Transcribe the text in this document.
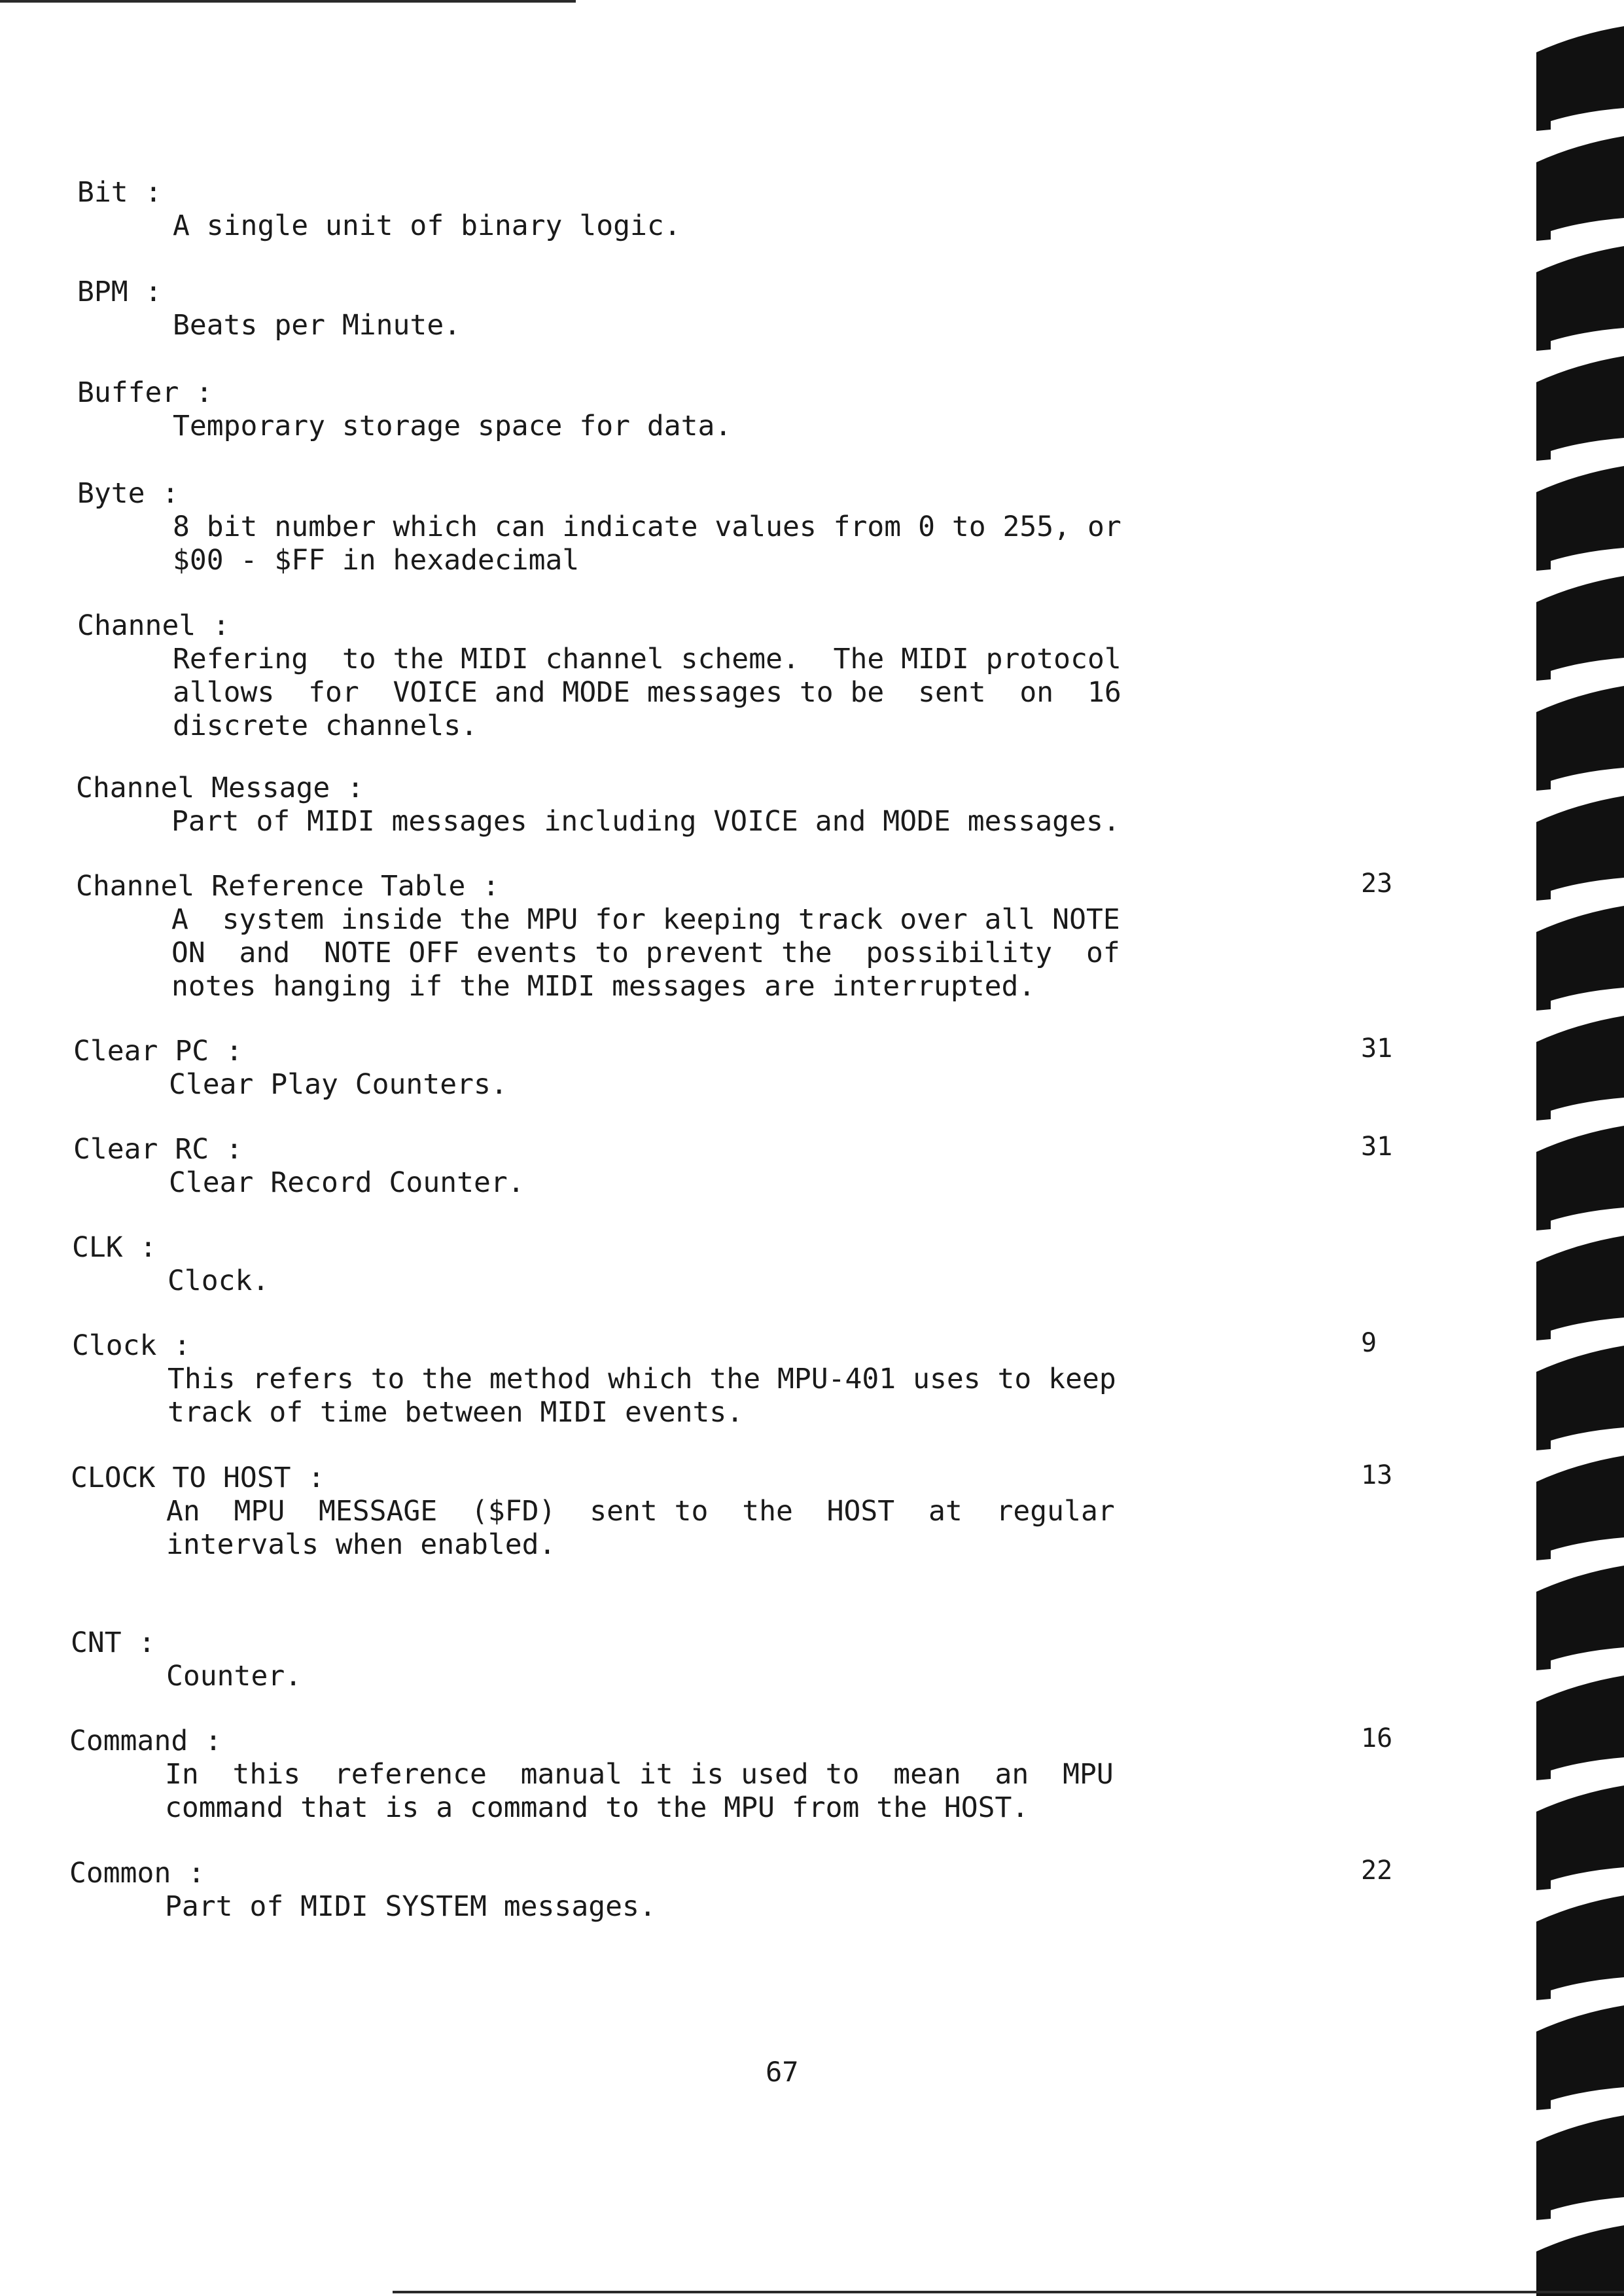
Bit :
A single unit of binary logic.
BPM :
Beats per Minute.
Buffer :
Temporary storage space for data.
Byte :
8 bit number which can indicate values from 0 to 255, or
$00 - $FF in hexadecimal
Channel :
Refering  to the MIDI channel scheme.  The MIDI protocol
allows  for  VOICE and MODE messages to be  sent  on  16
discrete channels.
Channel Message :
Part of MIDI messages including VOICE and MODE messages.
Channel Reference Table :
A  system inside the MPU for keeping track over all NOTE
ON  and  NOTE OFF events to prevent the  possibility  of
notes hanging if the MIDI messages are interrupted.
23
Clear PC :
Clear Play Counters.
31
Clear RC :
Clear Record Counter.
31
CLK :
Clock.
Clock :
This refers to the method which the MPU-401 uses to keep
track of time between MIDI events.
9
CLOCK TO HOST :
An  MPU  MESSAGE  ($FD)  sent to  the  HOST  at  regular
intervals when enabled.
13
CNT :
Counter.
Command :
In  this  reference  manual it is used to  mean  an  MPU
command that is a command to the MPU from the HOST.
16
Common :
Part of MIDI SYSTEM messages.
22
67
